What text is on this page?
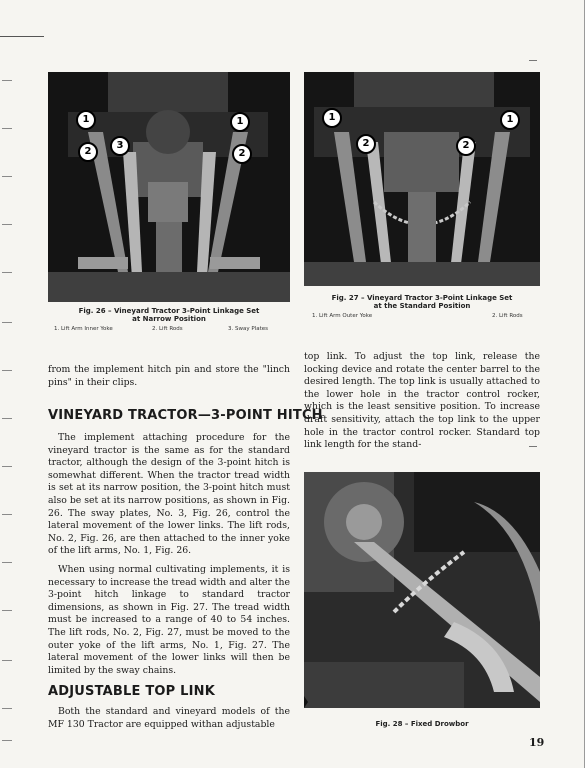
1
2
3
1
2
Fig. 26 – Vineyard Tractor 3-Point Linkage Set
at Narrow Position
1. Lift Arm Inner Yoke	2. Lift Rods	3. Sway Plates
1
2
1
2
Fig. 27 – Vineyard Tractor 3-Point Linkage Set
at the Standard Position
1. Lift Arm Outer Yoke	2. Lift Rods

from the implement hitch pin and store the "linch pins" in their clips.

VINEYARD TRACTOR—3-POINT HITCH

The implement attaching procedure for the vineyard tractor is the same as for the standard tractor, although the design of the 3-point hitch is somewhat different. When the tractor tread width is set at its narrow position, the 3-point hitch must also be set at its narrow positions, as shown in Fig. 26. The sway plates, No. 3, Fig. 26, control the lateral movement of the lower links. The lift rods, No. 2, Fig. 26, are then attached to the inner yoke of the lift arms, No. 1, Fig. 26.

When using normal cultivating implements, it is necessary to increase the tread width and alter the 3-point hitch linkage to standard tractor dimensions, as shown in Fig. 27. The tread width must be increased to a range of 40 to 54 inches. The lift rods, No. 2, Fig. 27, must be moved to the outer yoke of the lift arms, No. 1, Fig. 27. The lateral movement of the lower links will then be limited by the sway chains.

ADJUSTABLE TOP LINK

Both the standard and vineyard models of the MF 130 Tractor are equipped withan adjustable

top link. To adjust the top link, release the locking device and rotate the center barrel to the desired length. The top link is usually attached to the lower hole in the tractor control rocker, which is the least sensitive position. To increase draft sensitivity, attach the top link to the upper hole in the tractor control rocker. Standard top link length for the stand-

Fig. 28 – Fixed Drowbor
19
